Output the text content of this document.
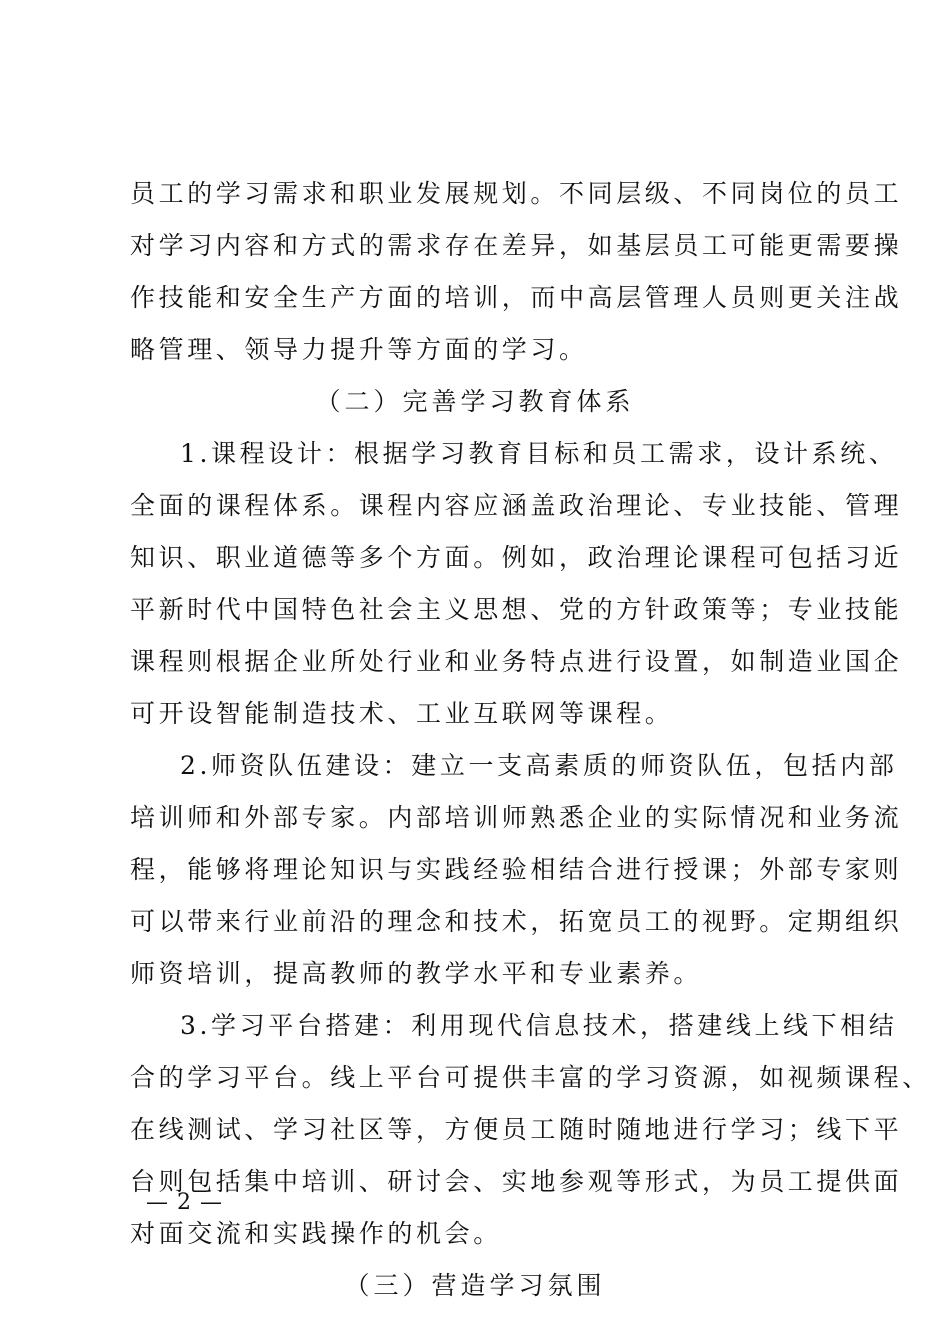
员工的学习需求和职业发展规划。不同层级、不同岗位的员工
对学习内容和方式的需求存在差异，如基层员工可能更需要操
作技能和安全生产方面的培训，而中高层管理人员则更关注战
略管理、领导力提升等方面的学习。
（二）完善学习教育体系
1.课程设计：根据学习教育目标和员工需求，设计系统、
全面的课程体系。课程内容应涵盖政治理论、专业技能、管理
知识、职业道德等多个方面。例如，政治理论课程可包括习近
平新时代中国特色社会主义思想、党的方针政策等；专业技能
课程则根据企业所处行业和业务特点进行设置，如制造业国企
可开设智能制造技术、工业互联网等课程。
2.师资队伍建设：建立一支高素质的师资队伍，包括内部
培训师和外部专家。内部培训师熟悉企业的实际情况和业务流
程，能够将理论知识与实践经验相结合进行授课；外部专家则
可以带来行业前沿的理念和技术，拓宽员工的视野。定期组织
师资培训，提高教师的教学水平和专业素养。
3.学习平台搭建：利用现代信息技术，搭建线上线下相结
合的学习平台。线上平台可提供丰富的学习资源，如视频课程、
在线测试、学习社区等，方便员工随时随地进行学习；线下平
台则包括集中培训、研讨会、实地参观等形式，为员工提供面
对面交流和实践操作的机会。
（三）营造学习氛围
— 2 —
